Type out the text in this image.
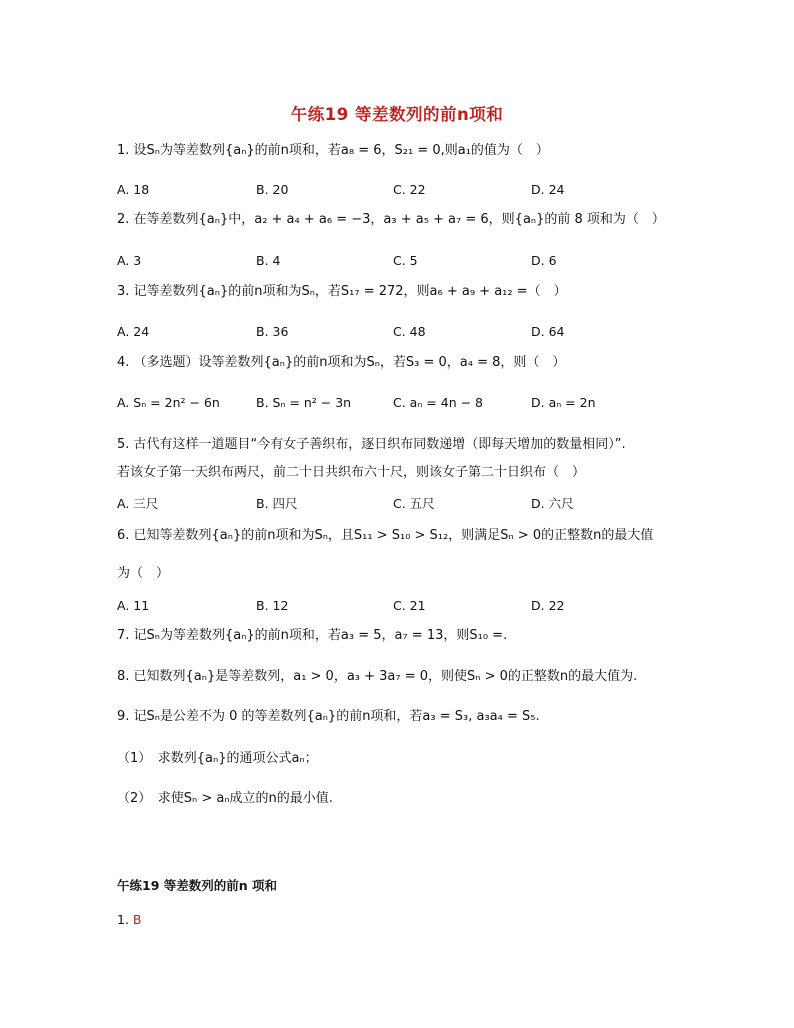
午练19 等差数列的前n项和
1. 设Sₙ为等差数列{aₙ}的前n项和，若a₈ = 6，S₂₁ = 0,则a₁的值为（　）
A. 18	B. 20	C. 22	D. 24
2. 在等差数列{aₙ}中，a₂ + a₄ + a₆ = −3，a₃ + a₅ + a₇ = 6，则{aₙ}的前 8 项和为（　）
A. 3	B. 4	C. 5	D. 6
3. 记等差数列{aₙ}的前n项和为Sₙ，若S₁₇ = 272，则a₆ + a₉ + a₁₂ =（　）
A. 24	B. 36	C. 48	D. 64
4. （多选题）设等差数列{aₙ}的前n项和为Sₙ，若S₃ = 0，a₄ = 8，则（　）
A. Sₙ = 2n² − 6n	B. Sₙ = n² − 3n	C. aₙ = 4n − 8	D. aₙ = 2n
5. 古代有这样一道题目“今有女子善织布，逐日织布同数递增（即每天增加的数量相同）”.
若该女子第一天织布两尺，前二十日共织布六十尺，则该女子第二十日织布（　）
A. 三尺	B. 四尺	C. 五尺	D. 六尺
6. 已知等差数列{aₙ}的前n项和为Sₙ，且S₁₁ > S₁₀ > S₁₂，则满足Sₙ > 0的正整数n的最大值
为（　）
A. 11	B. 12	C. 21	D. 22
7. 记Sₙ为等差数列{aₙ}的前n项和，若a₃ = 5，a₇ = 13，则S₁₀ =.
8. 已知数列{aₙ}是等差数列，a₁ > 0，a₃ + 3a₇ = 0，则使Sₙ > 0的正整数n的最大值为.
9. 记Sₙ是公差不为 0 的等差数列{aₙ}的前n项和，若a₃ = S₃, a₃a₄ = S₅.
（1）　求数列{aₙ}的通项公式aₙ；
（2）　求使Sₙ > aₙ成立的n的最小值.
午练19 等差数列的前n 项和
1. B
